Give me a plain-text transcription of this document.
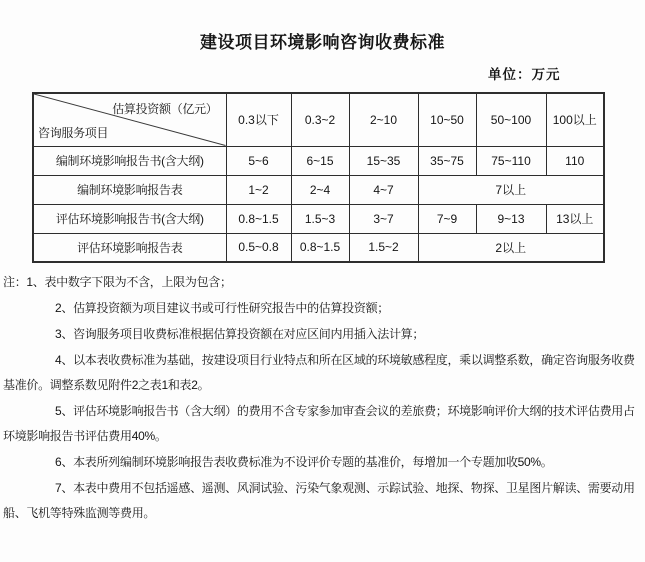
建设项目环境影响咨询收费标准
单位：万元
估算投资额（亿元）
咨询服务项目	0.3以下	0.3~2	2~10	10~50	50~100	100以上
编制环境影响报告书(含大纲)	5~6	6~15	15~35	35~75	75~110	110
编制环境影响报告表	1~2	2~4	4~7	7以上		
评估环境影响报告书(含大纲)	0.8~1.5	1.5~3	3~7	7~9	9~13	13以上
评估环境影响报告表	0.5~0.8	0.8~1.5	1.5~2	2以上		

注：1、表中数字下限为不含，上限为包含；

2、估算投资额为项目建议书或可行性研究报告中的估算投资额；

3、咨询服务项目收费标准根据估算投资额在对应区间内用插入法计算；

4、以本表收费标准为基础，按建设项目行业特点和所在区域的环境敏感程度，乘以调整系数，确定咨询服务收费基准价。调整系数见附件2之表1和表2。

5、评估环境影响报告书（含大纲）的费用不含专家参加审查会议的差旅费；环境影响评价大纲的技术评估费用占环境影响报告书评估费用40%。

6、本表所列编制环境影响报告表收费标准为不设评价专题的基准价，每增加一个专题加收50%。

7、本表中费用不包括遥感、遥测、风洞试验、污染气象观测、示踪试验、地探、物探、卫星图片解读、需要动用船、飞机等特殊监测等费用。
